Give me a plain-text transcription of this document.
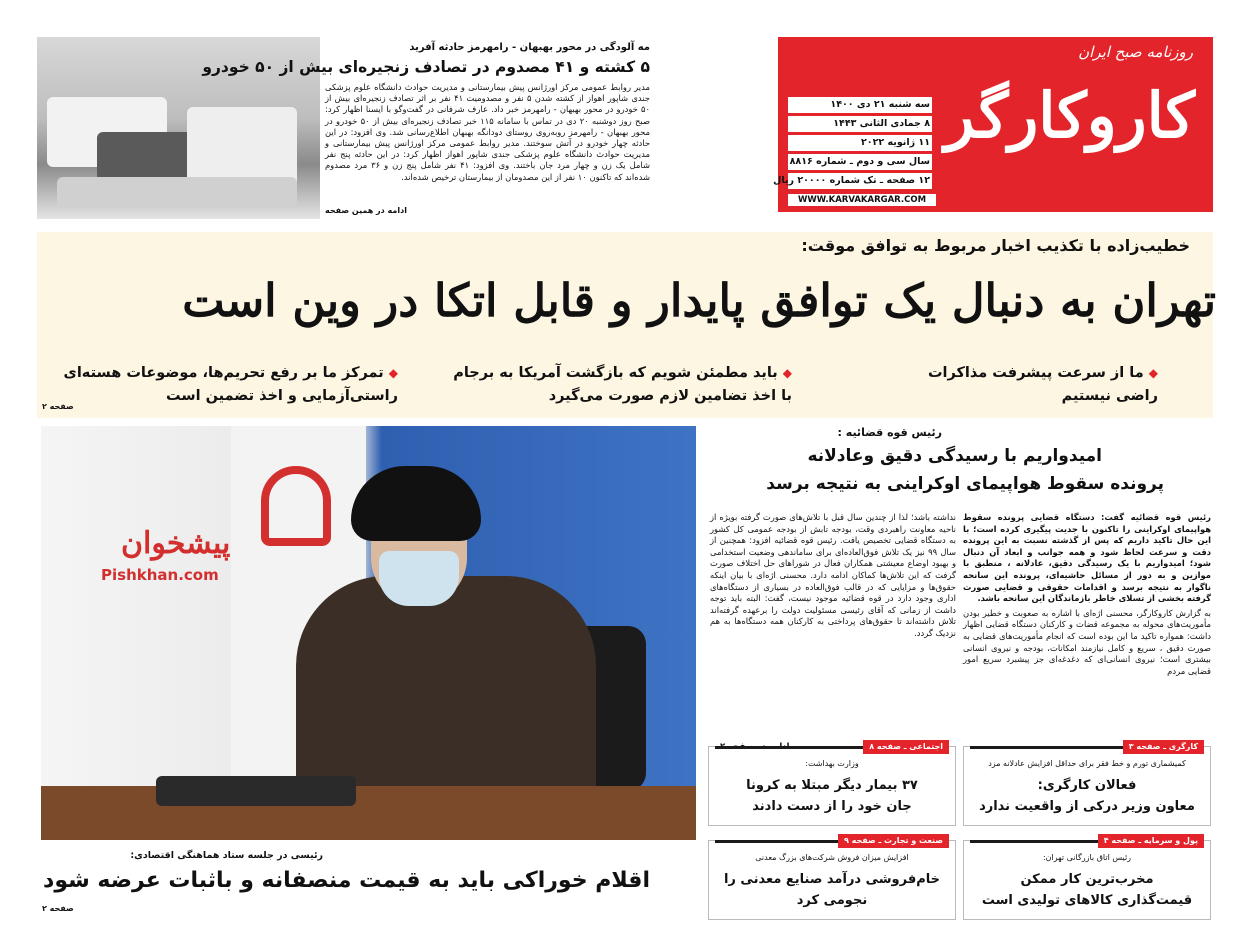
روزنامه صبح ایران
کاروکارگر
سه شنبه ۲۱ دی ۱۴۰۰
۸ جمادی الثانی ۱۴۴۳
۱۱ ژانویه ۲۰۲۲
سال سی و دوم ـ شماره ۸۸۱۶
۱۲ صفحه ـ تک شماره ۲۰۰۰۰ ریال
WWW.KARVAKARGAR.COM
مه آلودگی در محور بهبهان - رامهرمز حادثه آفرید
۵ کشته و ۴۱ مصدوم در تصادف زنجیره‌ای بیش از ۵۰ خودرو
مدیر روابط عمومی مرکز اورژانس پیش بیمارستانی و مدیریت حوادث دانشگاه علوم پزشکی جندی شاپور اهواز از کشته شدن ۵ نفر و مصدومیت ۴۱ نفر بر اثر تصادف زنجیره‌ای بیش از ۵۰ خودرو در محور بهبهان - رامهرمز خبر داد. عارف شرفانی در گفت‌وگو با ایسنا اظهار کرد: صبح روز دوشنبه ۲۰ دی در تماس با سامانه ۱۱۵ خبر تصادف زنجیره‌ای بیش از ۵۰ خودرو در محور بهبهان - رامهرمز روبه‌روی روستای دودانگه بهبهان اطلاع‌رسانی شد. وی افزود: در این حادثه چهار خودرو در آتش سوختند. مدیر روابط عمومی مرکز اورژانس پیش بیمارستانی و مدیریت حوادث دانشگاه علوم پزشکی جندی شاپور اهواز اظهار کرد: در این حادثه پنج نفر شامل یک زن و چهار مرد جان باختند. وی افزود: ۴۱ نفر شامل پنج زن و ۳۶ مرد مصدوم شده‌اند که تاکنون ۱۰ نفر از این مصدومان از بیمارستان ترخیص شده‌اند.
ادامه در همین صفحه
خطیب‌زاده با تکذیب اخبار مربوط به توافق موقت:
تهران به دنبال یک توافق پایدار و قابل اتکا در وین است
◆ ما از سرعت پیشرفت مذاکرات
راضی نیستیم
◆ باید مطمئن شویم که بازگشت آمریکا به برجام
با اخذ تضامین لازم صورت می‌گیرد
◆ تمرکز ما بر رفع تحریم‌ها، موضوعات هسته‌ای
راستی‌آزمایی و اخذ تضمین است
صفحه ۲
پیشخوان
Pishkhan.com
رئیسی در جلسه ستاد هماهنگی اقتصادی:
اقلام خوراکی باید به قیمت منصفانه و باثبات عرضه شود
صفحه ۲
رئیس قوه قضائیه :
امیدواریم با رسیدگی دقیق وعادلانه
پرونده سقوط هواپیمای اوکراینی به نتیجه برسد
رئیس قوه قضائیه گفت: دستگاه قضایی پرونده سقوط هواپیمای اوکراینی را تاکنون با جدیت پیگیری کرده است؛ با این حال تاکید داریم که پس از گذشته نسبت به این پرونده دقت و سرعت لحاظ شود و همه جوانب و ابعاد آن دنبال شود؛ امیدواریم با یک رسیدگی دقیق، عادلانه ، منطبق با موازین و به دور از مسائل حاشیه‌ای، پرونده این سانحه ناگوار به نتیجه برسد و اقدامات حقوقی و قضایی صورت گرفته بخشی از تسلای خاطر بازماندگان این سانحه باشد.
به گزارش کاروکارگر، محسنی اژه‌ای با اشاره به صعوبت و خطیر بودن مأموریت‌های محوله به مجموعه قضات و کارکنان دستگاه قضایی اظهار داشت: همواره تاکید ما این بوده است که انجام مأموریت‌های قضایی به صورت دقیق ، سریع و کامل نیازمند امکانات، بودجه و نیروی انسانی بیشتری است؛ نیروی انسانی‌ای که دغدغه‌ای جز پیشبرد سریع امور قضایی مردم
نداشته باشد؛ لذا از چندین سال قبل با تلاش‌های صورت گرفته بویژه از ناحیه معاونت راهبردی وقت، بودجه تابش از بودجه عمومی کل کشور به دستگاه قضایی تخصیص یافت. رئیس قوه قضائیه افزود: همچنین از سال ۹۹ نیز یک تلاش فوق‌العاده‌ای برای ساماندهی وضعیت استخدامی و بهبود اوضاع معیشتی همکاران فعال در شوراهای حل اختلاف صورت گرفت که این تلاش‌ها کماکان ادامه دارد. محسنی اژه‌ای با بیان اینکه حقوق‌ها و مزایایی که در قالب فوق‌العاده در بسیاری از دستگاه‌های اداری وجود دارد در قوه قضائیه موجود نیست، گفت: البته باید توجه داشت از زمانی که آقای رئیسی مسئولیت دولت را برعهده گرفته‌اند تلاش داشته‌اند تا حقوق‌های پرداختی به کارکنان همه دستگاه‌ها به هم نزدیک گردد.
کارگری ـ صفحه ۳
کمیشماری تورم و خط فقر برای حداقل افزایش عادلانه مزد
فعالان کارگری:
معاون وزیر درکی از واقعیت ندارد
اجتماعی ـ صفحه ۸
وزارت بهداشت:
۳۷ بیمار دیگر مبتلا به کرونا
جان خود را از دست دادند
پول و سرمایه ـ صفحه ۴
رئیس اتاق بازرگانی تهران:
مخرب‌ترین کار ممکن
قیمت‌گذاری کالاهای تولیدی است
صنعت و تجارت ـ صفحه ۹
افزایش میزان فروش شرکت‌های بزرگ معدنی
خام‌فروشی درآمد صنایع معدنی را
نجومی کرد
